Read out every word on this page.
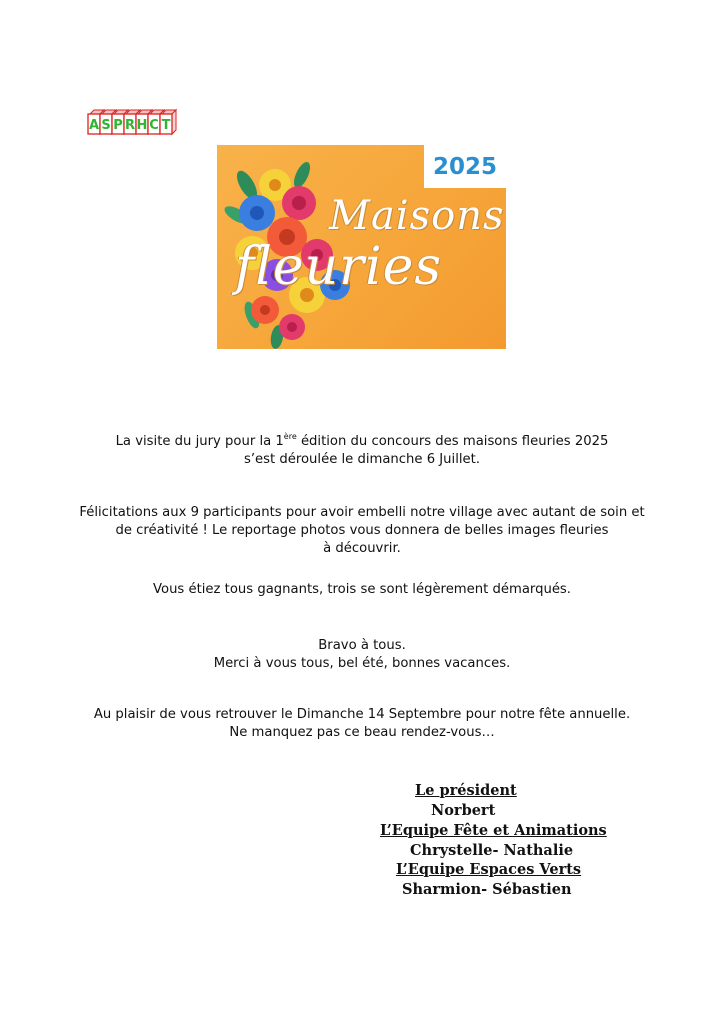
A S P R H C T
2025
Maisons
fleuries

La visite du jury pour la 1ère édition du concours des maisons fleuries 2025
s’est déroulée le dimanche 6 Juillet.

Félicitations aux 9 participants pour avoir embelli notre village avec autant de soin et
de créativité ! Le reportage photos vous donnera de belles images fleuries
à découvrir.

Vous étiez tous gagnants, trois se sont légèrement démarqués.

Bravo à tous.
Merci à vous tous, bel été, bonnes vacances.

Au plaisir de vous retrouver le Dimanche 14 Septembre pour notre fête annuelle.
Ne manquez pas ce beau rendez-vous…

Le président

Norbert

L’Equipe Fête et Animations

Chrystelle- Nathalie

L’Equipe Espaces Verts

Sharmion- Sébastien
